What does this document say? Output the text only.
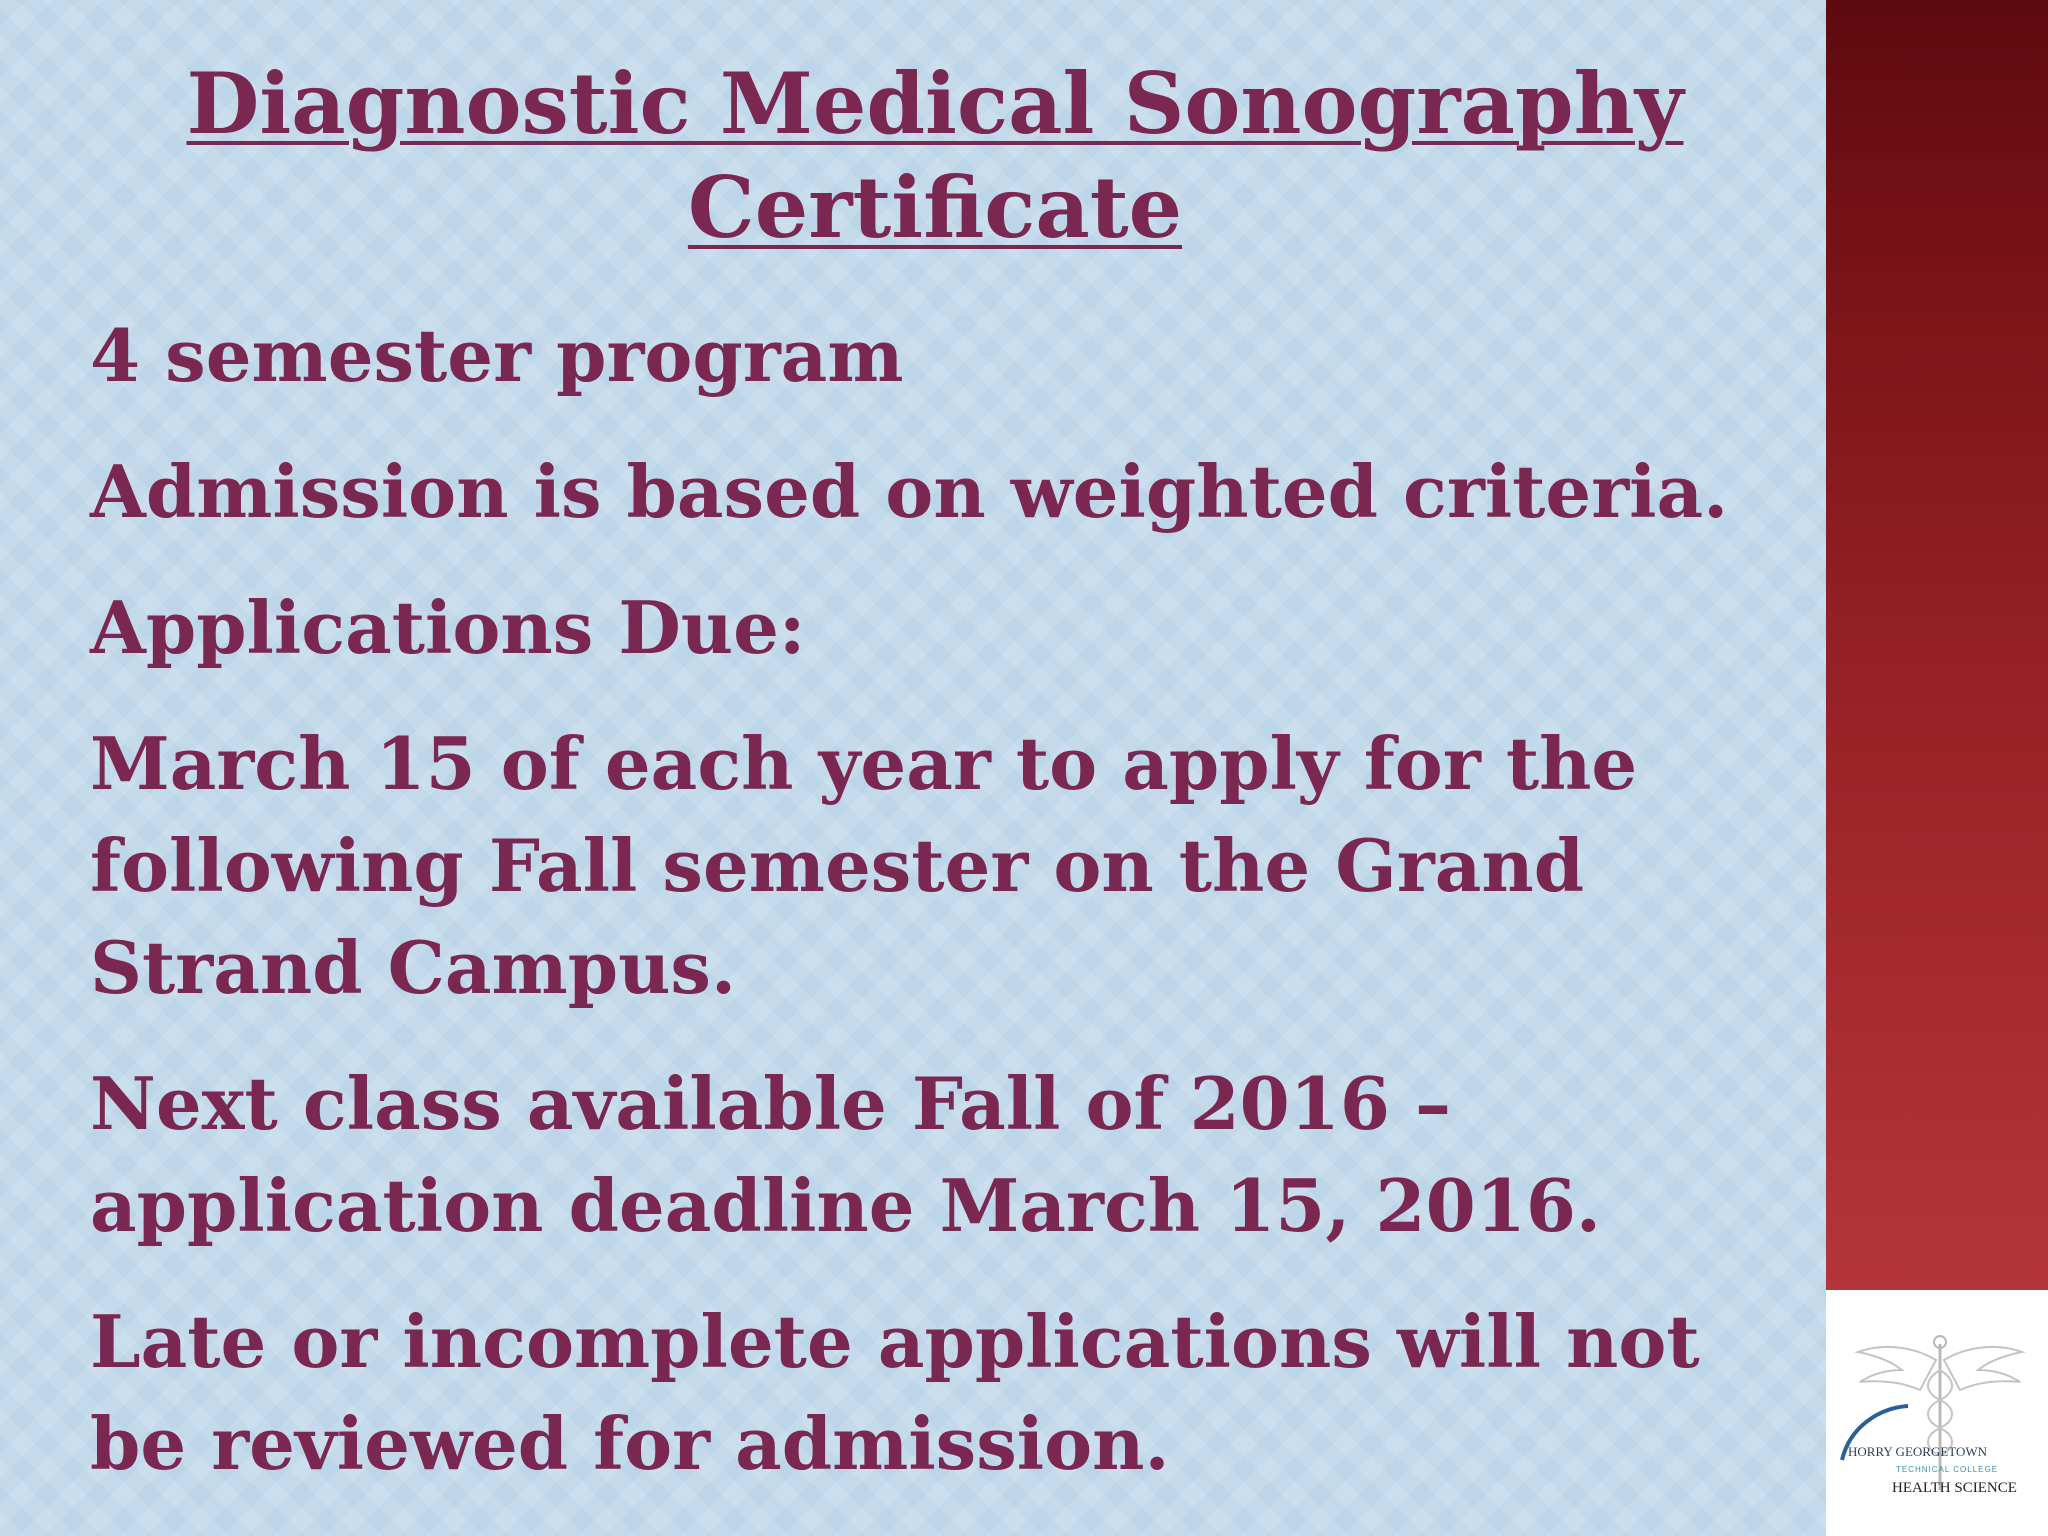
HORRY GEORGETOWN
TECHNICAL COLLEGE
HEALTH SCIENCE
Diagnostic Medical Sonography
Certificate

4 semester program

Admission is based on weighted criteria.

Applications Due:

March 15 of each year to apply for the following Fall semester on the Grand Strand Campus.

Next class available Fall of 2016 – application deadline March 15, 2016.

Late or incomplete applications will not be reviewed for admission.
